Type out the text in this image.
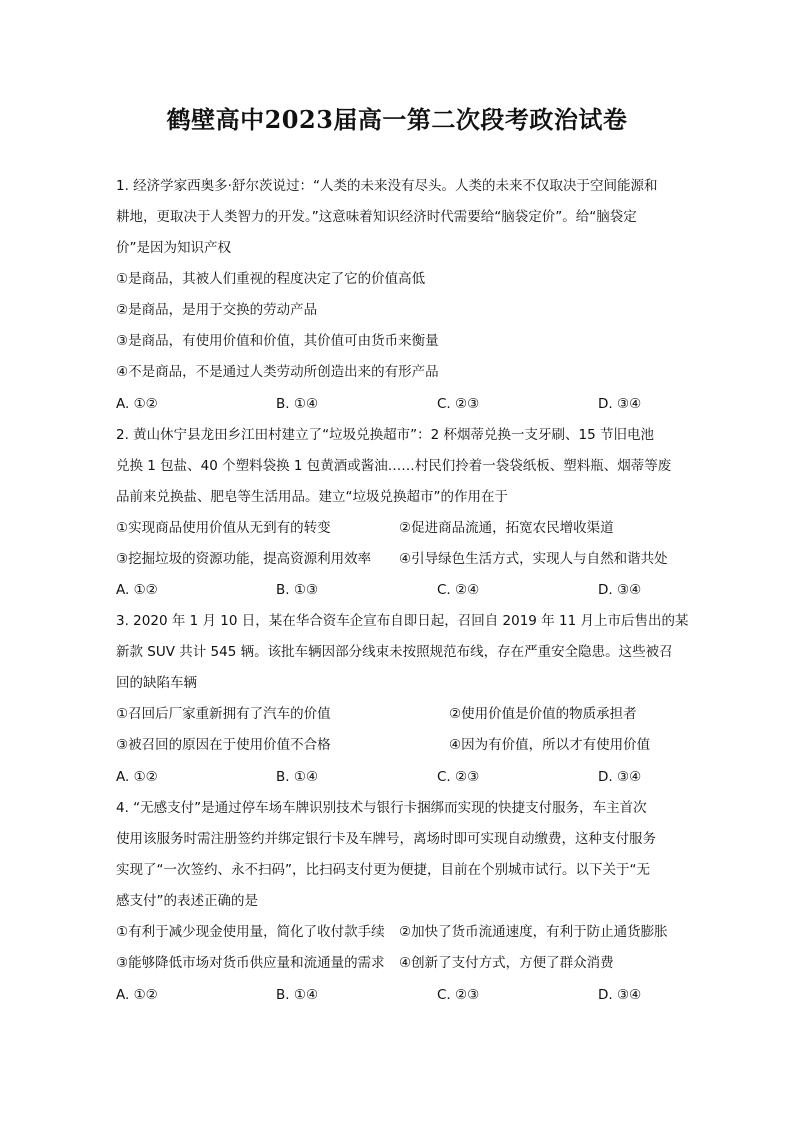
鹤壁高中2023届高一第二次段考政治试卷
1. 经济学家西奥多·舒尔茨说过：“人类的未来没有尽头。人类的未来不仅取决于空间能源和
耕地，更取决于人类智力的开发。”这意味着知识经济时代需要给“脑袋定价”。给“脑袋定
价”是因为知识产权
①是商品，其被人们重视的程度决定了它的价值高低
②是商品，是用于交换的劳动产品
③是商品，有使用价值和价值，其价值可由货币来衡量
④不是商品，不是通过人类劳动所创造出来的有形产品
A. ①②	B. ①④	C. ②③	D. ③④
2. 黄山休宁县龙田乡江田村建立了“垃圾兑换超市”：2 杯烟蒂兑换一支牙刷、15 节旧电池
兑换 1 包盐、40 个塑料袋换 1 包黄酒或酱油……村民们拎着一袋袋纸板、塑料瓶、烟蒂等废
品前来兑换盐、肥皂等生活用品。建立“垃圾兑换超市”的作用在于
①实现商品使用价值从无到有的转变	②促进商品流通，拓宽农民增收渠道
③挖掘垃圾的资源功能，提高资源利用效率 ④引导绿色生活方式，实现人与自然和谐共处
A. ①②	B. ①③	C. ②④	D. ③④
3. 2020 年 1 月 10 日，某在华合资车企宣布自即日起，召回自 2019 年 11 月上市后售出的某
新款 SUV 共计 545 辆。该批车辆因部分线束未按照规范布线，存在严重安全隐患。这些被召
回的缺陷车辆
①召回后厂家重新拥有了汽车的价值	②使用价值是价值的物质承担者
③被召回的原因在于使用价值不合格	④因为有价值，所以才有使用价值
A. ①②	B. ①④	C. ②③	D. ③④
4. “无感支付”是通过停车场车牌识别技术与银行卡捆绑而实现的快捷支付服务，车主首次
使用该服务时需注册签约并绑定银行卡及车牌号，离场时即可实现自动缴费，这种支付服务
实现了“一次签约、永不扫码”，比扫码支付更为便捷，目前在个别城市试行。以下关于“无
感支付”的表述正确的是
①有利于减少现金使用量，简化了收付款手续 ②加快了货币流通速度，有利于防止通货膨胀
③能够降低市场对货币供应量和流通量的需求 ④创新了支付方式，方便了群众消费
A. ①②	B. ①④	C. ②③	D. ③④
